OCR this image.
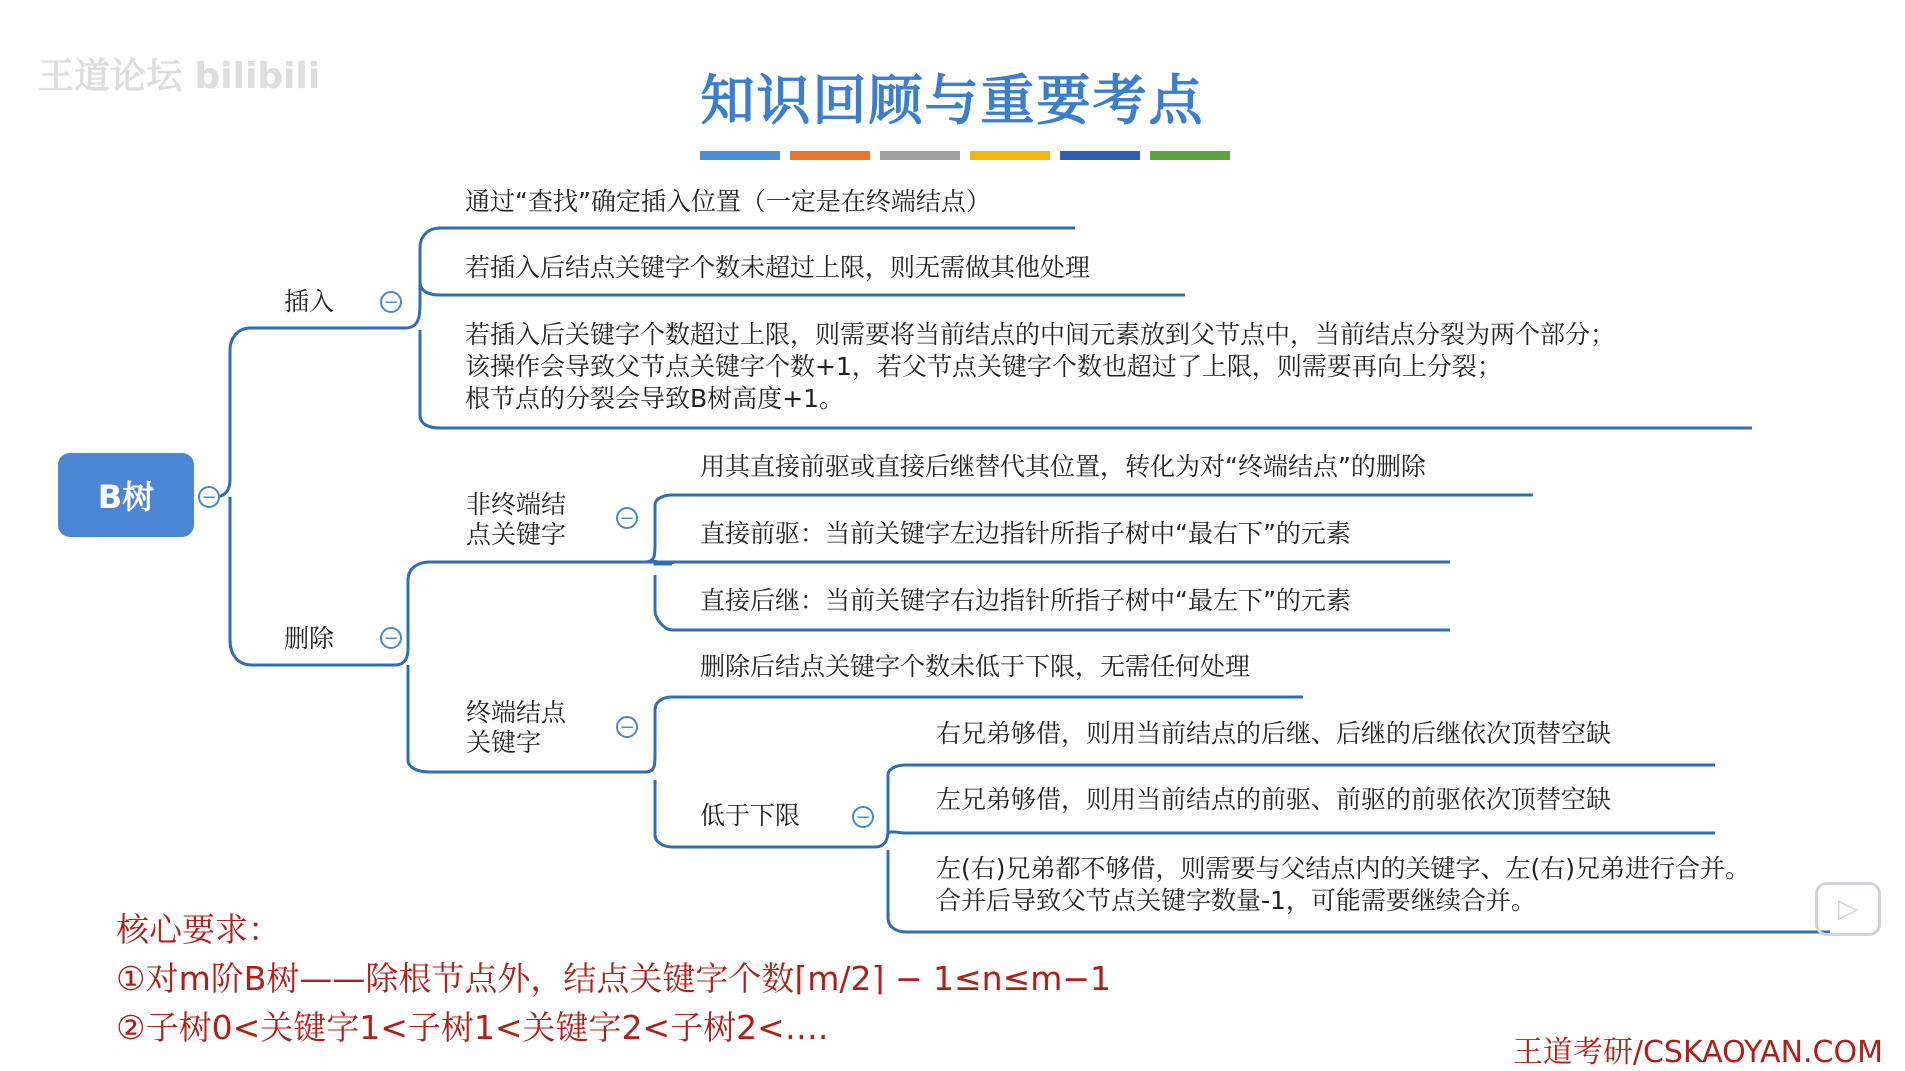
王道论坛 bilibili	知识回顾与重要考点
B树	−
插入	−
通过“查找”确定插入位置（一定是在终端结点）
若插入后结点关键字个数未超过上限，则无需做其他处理
若插入后关键字个数超过上限，则需要将当前结点的中间元素放到父节点中，当前结点分裂为两个部分；
该操作会导致父节点关键字个数+1，若父节点关键字个数也超过了上限，则需要再向上分裂；
根节点的分裂会导致B树高度+1。
删除	−
非终端结
点关键字
−
用其直接前驱或直接后继替代其位置，转化为对“终端结点”的删除
直接前驱：当前关键字左边指针所指子树中“最右下”的元素
直接后继：当前关键字右边指针所指子树中“最左下”的元素
终端结点
关键字
−
删除后结点关键字个数未低于下限，无需任何处理
低于下限	−
右兄弟够借，则用当前结点的后继、后继的后继依次顶替空缺
左兄弟够借，则用当前结点的前驱、前驱的前驱依次顶替空缺
左(右)兄弟都不够借，则需要与父结点内的关键字、左(右)兄弟进行合并。
合并后导致父节点关键字数量-1，可能需要继续合并。
核心要求：
①对m阶B树——除根节点外，结点关键字个数⌈m/2⌉ − 1≤n≤m−1
②子树0<关键字1<子树1<关键字2<子树2<….
王道考研/CSKAOYAN.COM
▷
